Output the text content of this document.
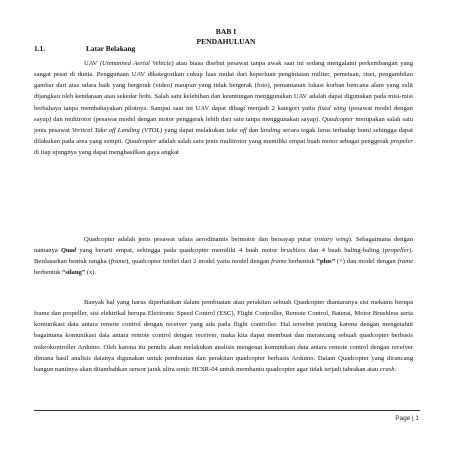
BAB I
PENDAHULUAN
1.1.	Latar Belakang

UAV (Unmanned Aerial Vehicle) atau biasa disebut pesawat tanpa awak saat ini sedang mengalami perkembangan yang sangat pesat di dunia. Penggunaan UAV dikategorikan cukup luas mulai dari keperluan pengintaian militer, pemetaan, riset, pengambilan gambar dari atas udara baik yang bergerak (video) maupun yang tidak bergerak (foto), pemantauan lokasi korban bencana alam yang sulit dijangkau oleh kendaraan atau sekedar hobi. Salah satu kelebihan dan keuntungan menggunakan UAV adalah dapat digunakan pada misi-misi berbahaya tanpa membahayakan pilotnya. Sampai saat ini UAV dapat dibagi menjadi 2 kategori yaitu fixed wing (pesawat model dengan sayap) dan multirotor (pesawat model dengan motor penggerak lebih dari satu tanpa menggunakan sayap). Quadcopter merupakan salah satu jenis pesawat Vertical Take off Landing (VTOL) yang dapat melakukan take off dan landing secara tegak lurus terhadap bumi sehingga dapat dilakukan pada area yang sempit. Quadcopter adalah salah satu jenis multirotor yang memiliki empat buah motor sebagai penggerak propeler di tiap ujungnya yang dapat menghasilkan gaya angkat

Quadcopter adalah jenis pesawat udara aerodinamis bermotor dan bersayap putar (rotary wing). Sebagaimana dengan namanya Quad yang berarti empat, sehingga pada quadcopter memiliki 4 buah motor brushless dan 4 buah baling-baling (propeller). Berdasarkan bentuk rangka (frame), quadcopter terdiri dari 2 model yaitu model dengan frame berbentuk “plus” (+) dan model dengan frame berbentuk “silang” (x).

Banyak hal yang harus diperhatikan dalam pembuatan atau perakitan sebuah Quadcopter diantaranya sisi mekanis berupa frame dan propeller, sisi elektrikal berupa Electronic Speed Control (ESC), Flight Controller, Remote Control, Baterai, Motor Brushless serta komunikasi data antara remote control dengan receiver yang ada pada flight controller. Hal tersebut penting karena dengan mengetahui bagaimana komunikasi data antara remote control dengan receiver, maka kita dapat membuat dan merancang sebuah quadcopter berbasis mikrokontroller Arduino. Oleh karena itu penulis akan melakukan analisis mengenai komunikasi data antara remote control dengan receiver dimana hasil analisis datanya digunakan untuk pembuatan dan perakitan quadcopter berbasis Arduino. Dalam Quadcopter yang dirancang bangun nantinya akan ditambahkan sensor jarak ultra sonic HCSR-04 untuk membantu quadcopter agar tidak terjadi tabrakan atau crash.

Page | 1
